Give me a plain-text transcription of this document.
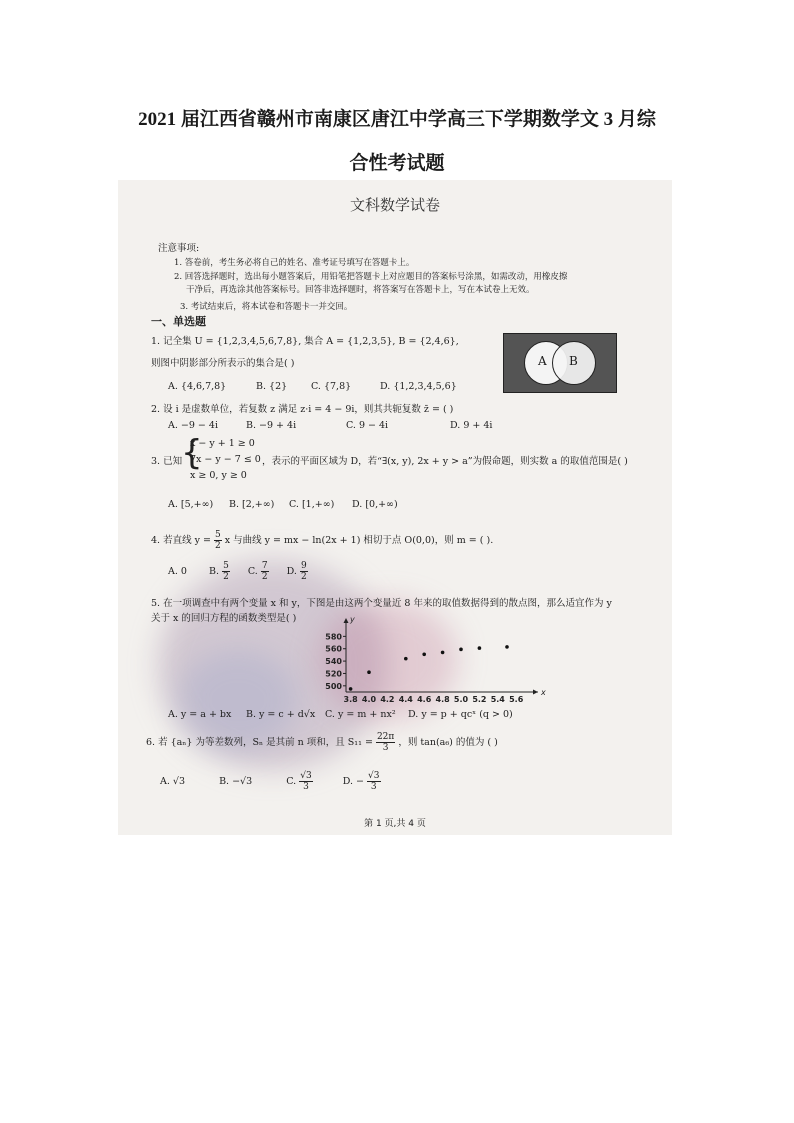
2021 届江西省赣州市南康区唐江中学高三下学期数学文 3 月综
合性考试题
文科数学试卷
注意事项:
1. 答卷前，考生务必将自己的姓名、准考证号填写在答题卡上。
2. 回答选择题时，选出每小题答案后，用铅笔把答题卡上对应题目的答案标号涂黑，如需改动，用橡皮擦
干净后，再选涂其他答案标号。回答非选择题时，将答案写在答题卡上，写在本试卷上无效。
3. 考试结束后，将本试卷和答题卡一并交回。
一、单选题
1. 记全集 U = {1,2,3,4,5,6,7,8}, 集合 A = {1,2,3,5}, B = {2,4,6},
则图中阴影部分所表示的集合是( )
A. {4,6,7,8}	B. {2}	C. {7,8}	D. {1,2,3,4,5,6}
A B
2. 设 i 是虚数单位，若复数 z 满足 z·i = 4 − 9i，则其共轭复数 z̄ = ( )
A. −9 − 4i	B. −9 + 4i	C. 9 − 4i	D. 9 + 4i
3. 已知
{
x − y + 1 ≥ 0
7x − y − 7 ≤ 0
x ≥ 0, y ≥ 0
，表示的平面区域为 D，若“∃(x, y), 2x + y > a”为假命题，则实数 a 的取值范围是( )
A. [5,+∞) B. [2,+∞) C. [1,+∞) D. [0,+∞)
4. 若直线 $y = \frac{5}{2}$ x 与曲线 y = mx − ln(2x + 1) 相切于点 O(0,0)，则 m = ( ).
A. 0 B. $\frac{5}{2} C$. $\frac{7}{2} D$. $\frac{9}{2}$
5. 在一项调查中有两个变量 x 和 y，下图是由这两个变量近 8 年来的取值数据得到的散点图，那么适宜作为 y
关于 x 的回归方程的函数类型是( )
x
y
3.8 4.0 4.2 4.4 4.6 4.8 5.0 5.2 5.4 5.6
500
520
540
560
580
A. y = a + bx B. y = c + d√x C. y = m + nx² D. y = p + qcˣ (q > 0)
6. 若 {aₙ} 为等差数列，Sₙ 是其前 n 项和，且 $S_{11} = \frac{22\pi}{3}$ ，则 tan(a₆) 的值为 ( )
A. √3	B. −√3	C. $\frac{√3}{3}$	D. − $\frac{√3}{3}$
第 1 页,共 4 页
